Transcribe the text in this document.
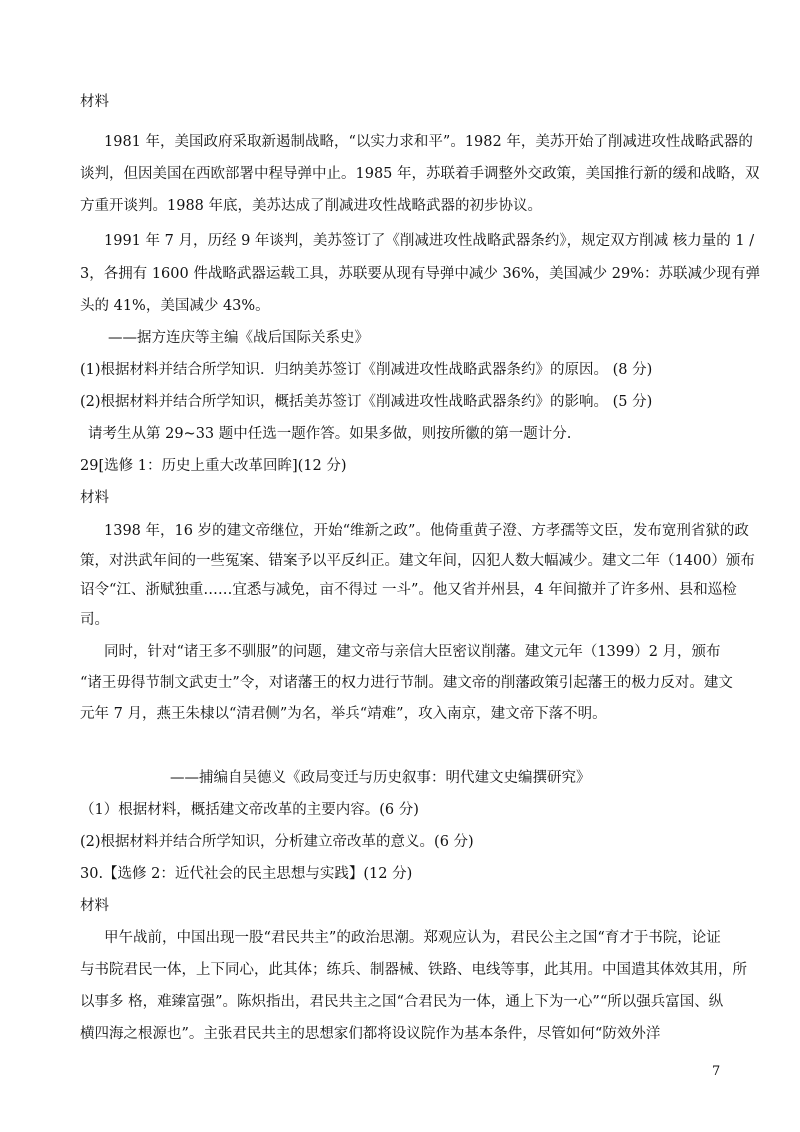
材料
1981 年，美国政府采取新遏制战略，“以实力求和平”。1982 年，美苏开始了削减进攻性战略武器的
谈判，但因美国在西欧部署中程导弹中止。1985 年，苏联着手调整外交政策，美国推行新的缓和战略，双
方重开谈判。1988 年底，美苏达成了削减进攻性战略武器的初步协议。
1991 年 7 月，历经 9 年谈判，美苏签订了《削减进攻性战略武器条约》，规定双方削减 核力量的 1 /
3，各拥有 1600 件战略武器运载工具，苏联要从现有导弹中减少 36%，美国减少 29%：苏联减少现有弹
头的 41%，美国减少 43%。
——据方连庆等主编《战后国际关系史》
(1)根据材料并结合所学知识．归纳美苏签订《削减进攻性战略武器条约》的原因。 (8 分)
(2)根据材料并结合所学知识，概括美苏签订《削减进攻性战略武器条约》的影响。 (5 分)
请考生从第 29~33 题中任选一题作答。如果多做，则按所徽的第一题计分.
29[选修 1：历史上重大改革回眸](12 分)
材料
1398 年，16 岁的建文帝继位，开始“维新之政”。他倚重黄子澄、方孝孺等文臣，发布宽刑省狱的政
策，对洪武年间的一些冤案、错案予以平反纠正。建文年间，囚犯人数大幅减少。建文二年（1400）颁布
诏令“江、浙赋独重……宜悉与减免，亩不得过 一斗”。他又省并州县，4 年间撤并了许多州、县和巡检
司。
同时，针对“诸王多不驯服”的问题，建文帝与亲信大臣密议削藩。建文元年（1399）2 月，颁布
“诸王毋得节制文武吏士”令，对诸藩王的权力进行节制。建文帝的削藩政策引起藩王的极力反对。建文
元年 7 月，燕王朱棣以“清君侧”为名，举兵“靖难”，攻入南京，建文帝下落不明。
——捕编自吴德义《政局变迁与历史叙事：明代建文史编撰研究》
（1）根据材料，概括建文帝改革的主要内容。(6 分)
(2)根据材料并结合所学知识，分析建立帝改革的意义。(6 分)
30.【选修 2：近代社会的民主思想与实践】(12 分)
材料
甲午战前，中国出现一股“君民共主”的政治思潮。郑观应认为，君民公主之国“育才于书院，论证
与书院君民一体，上下同心，此其体；练兵、制器械、铁路、电线等事，此其用。中国遣其体效其用，所
以事多 格，难臻富强”。陈炽指出，君民共主之国“合君民为一体，通上下为一心”“所以强兵富国、纵
横四海之根源也”。主张君民共主的思想家们都将设议院作为基本条件，尽管如何“防效外洋
7
